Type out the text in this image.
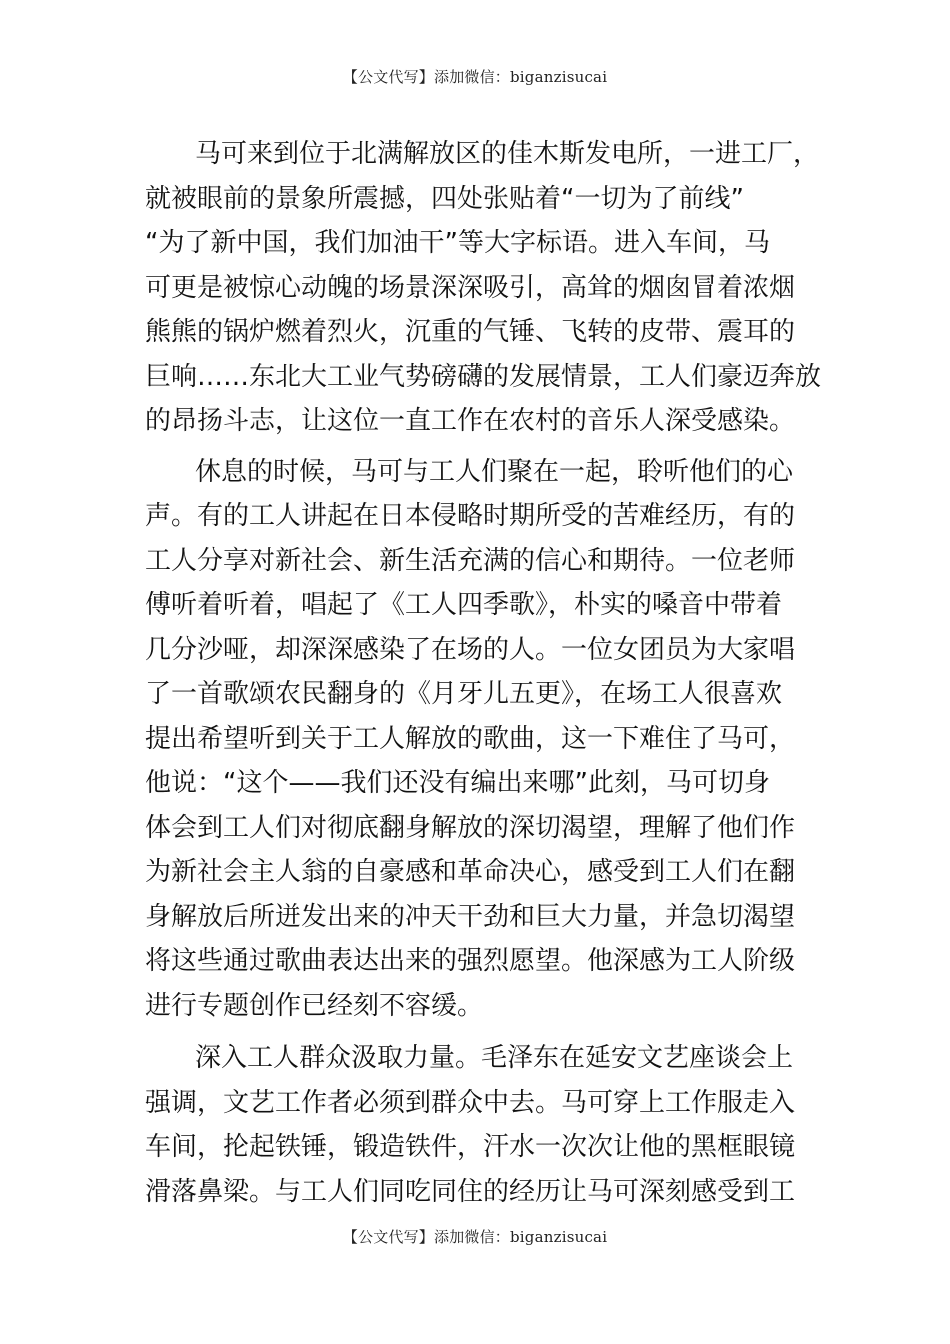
【公文代写】添加微信：biganzisucai
马可来到位于北满解放区的佳木斯发电所，一进工厂，
就被眼前的景象所震撼，四处张贴着“一切为了前线”
“为了新中国，我们加油干”等大字标语。进入车间，马
可更是被惊心动魄的场景深深吸引，高耸的烟囱冒着浓烟
熊熊的锅炉燃着烈火，沉重的气锤、飞转的皮带、震耳的
巨响……东北大工业气势磅礴的发展情景，工人们豪迈奔放
的昂扬斗志，让这位一直工作在农村的音乐人深受感染。
休息的时候，马可与工人们聚在一起，聆听他们的心
声。有的工人讲起在日本侵略时期所受的苦难经历，有的
工人分享对新社会、新生活充满的信心和期待。一位老师
傅听着听着，唱起了《工人四季歌》，朴实的嗓音中带着
几分沙哑，却深深感染了在场的人。一位女团员为大家唱
了一首歌颂农民翻身的《月牙儿五更》，在场工人很喜欢
提出希望听到关于工人解放的歌曲，这一下难住了马可，
他说：“这个——我们还没有编出来哪”此刻，马可切身
体会到工人们对彻底翻身解放的深切渴望，理解了他们作
为新社会主人翁的自豪感和革命决心，感受到工人们在翻
身解放后所迸发出来的冲天干劲和巨大力量，并急切渴望
将这些通过歌曲表达出来的强烈愿望。他深感为工人阶级
进行专题创作已经刻不容缓。
深入工人群众汲取力量。毛泽东在延安文艺座谈会上
强调，文艺工作者必须到群众中去。马可穿上工作服走入
车间，抡起铁锤，锻造铁件，汗水一次次让他的黑框眼镜
滑落鼻梁。与工人们同吃同住的经历让马可深刻感受到工
【公文代写】添加微信：biganzisucai
